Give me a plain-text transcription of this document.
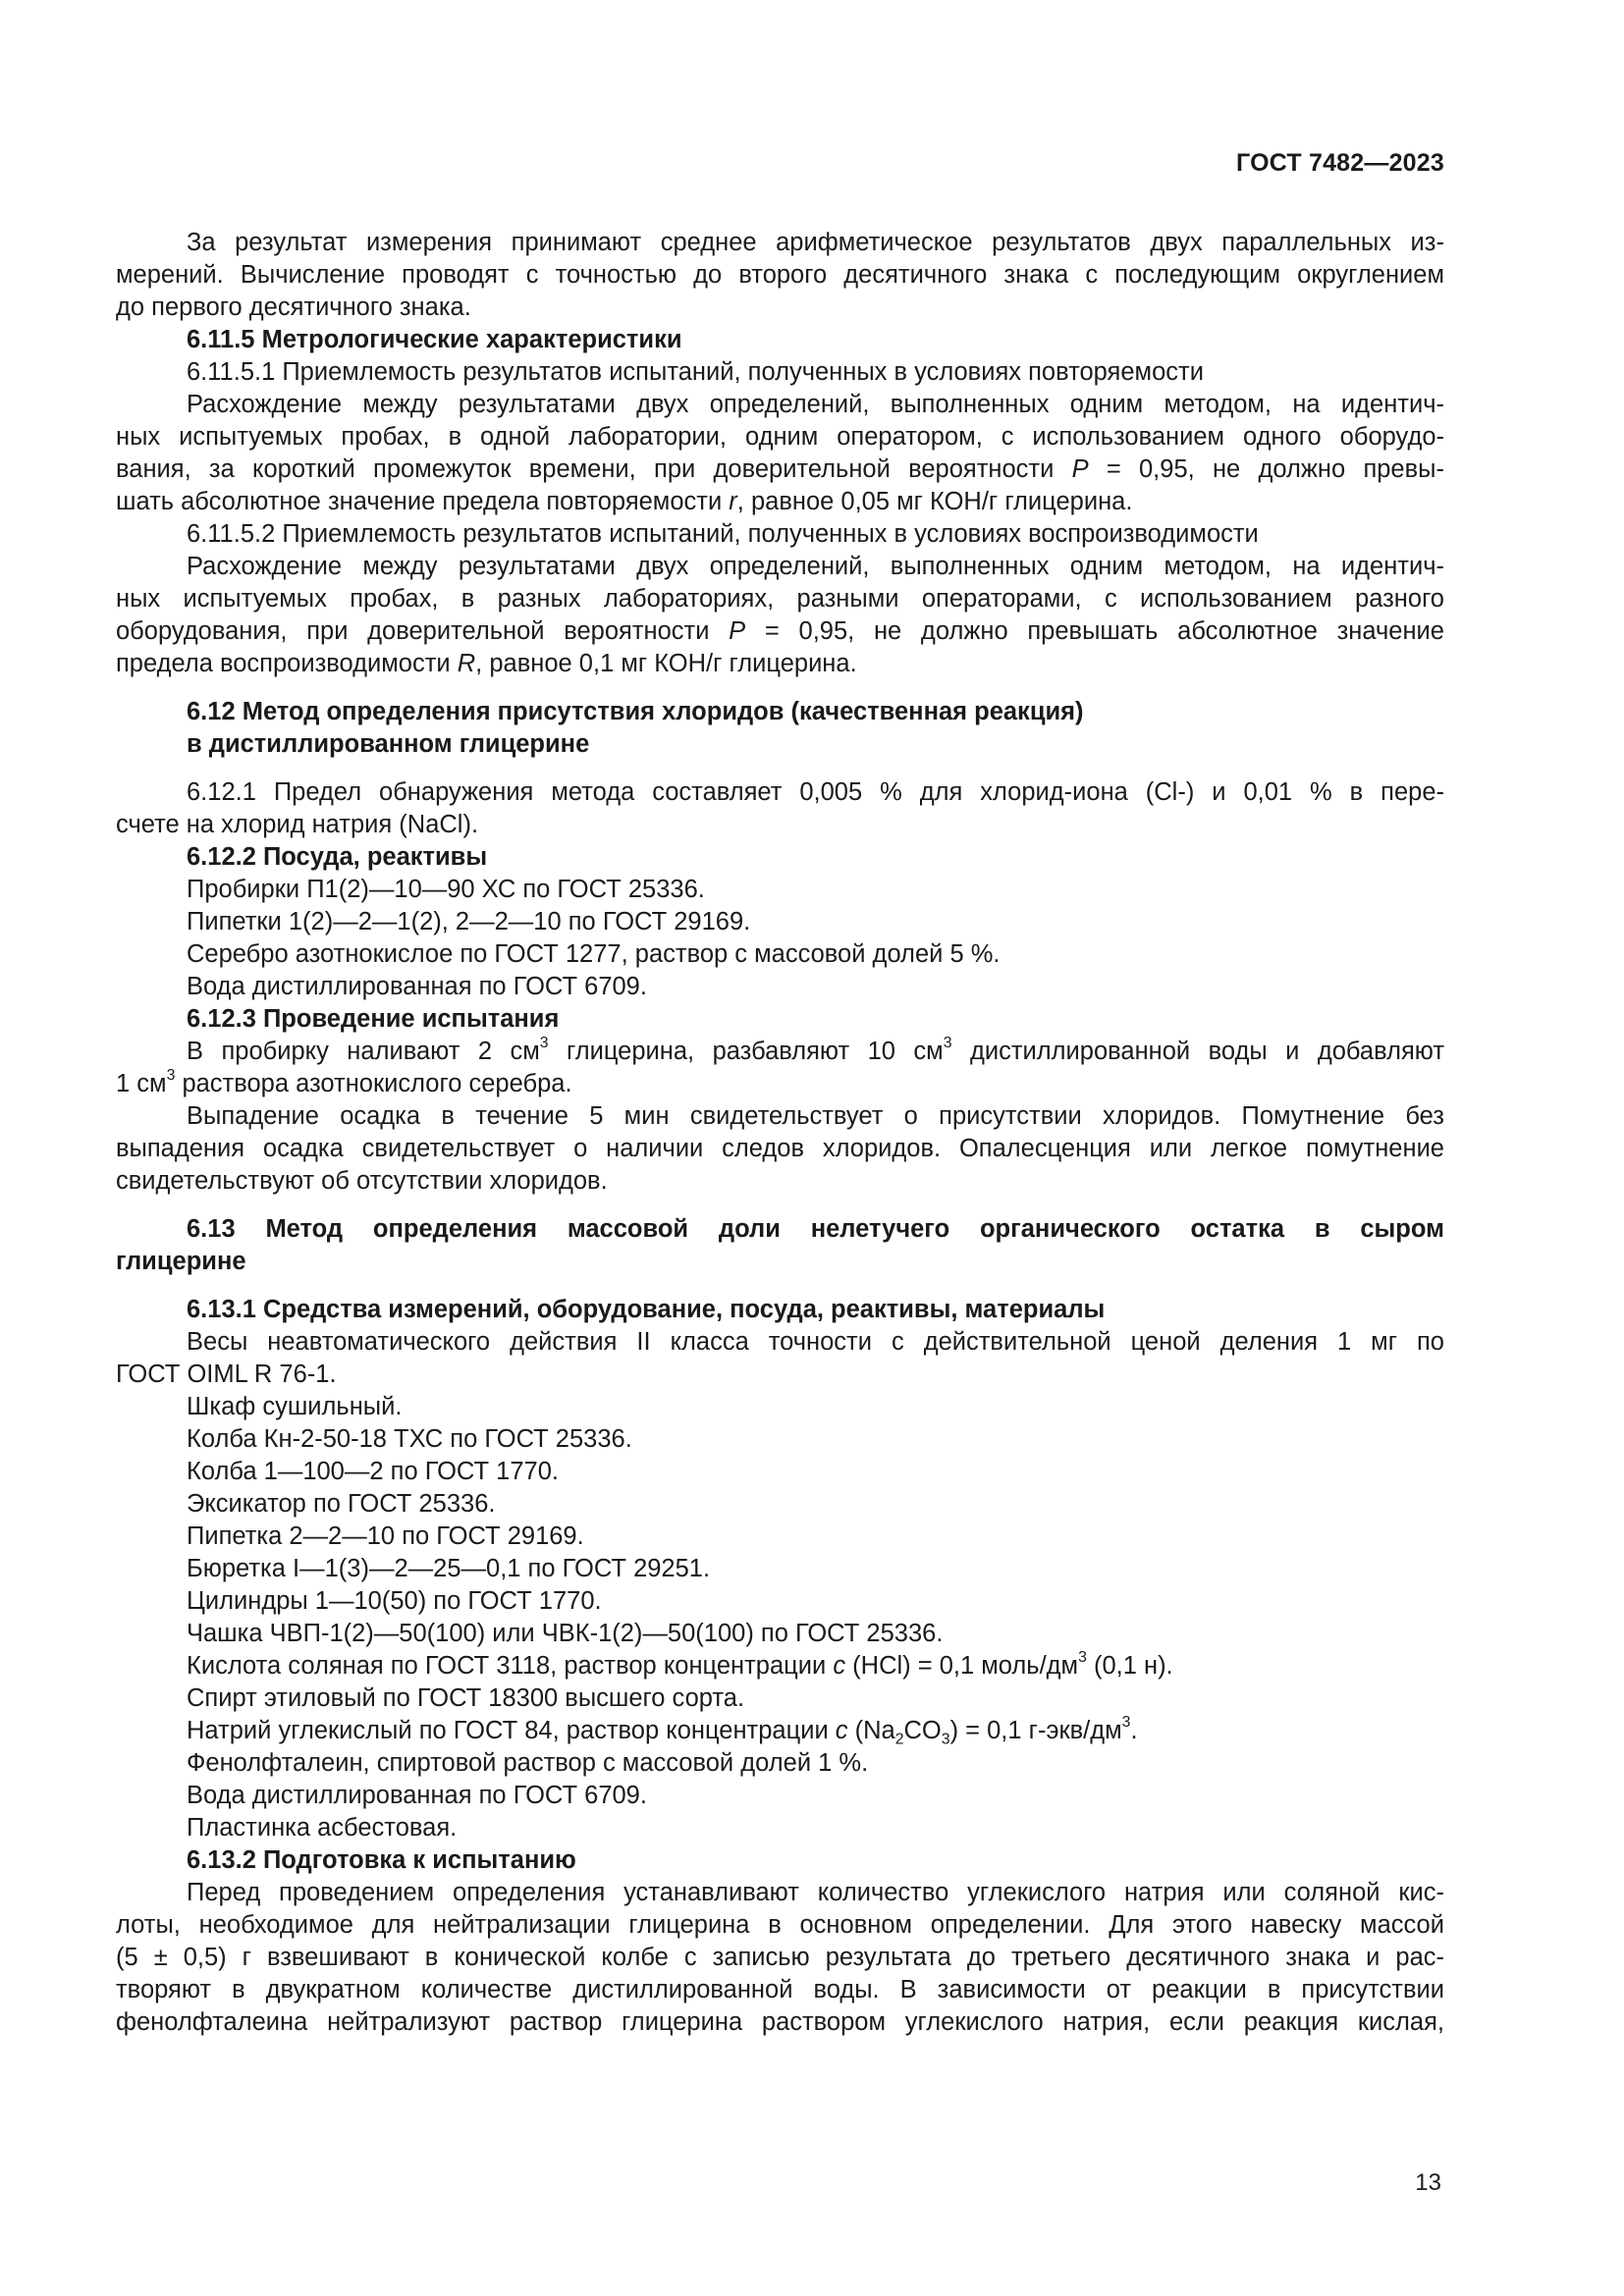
ГОСТ 7482—2023
За результат измерения принимают среднее арифметическое результатов двух параллельных из-
мерений. Вычисление проводят с точностью до второго десятичного знака с последующим округлением
до первого десятичного знака.
6.11.5 Метрологические характеристики
6.11.5.1 Приемлемость результатов испытаний, полученных в условиях повторяемости
Расхождение между результатами двух определений, выполненных одним методом, на идентич-
ных испытуемых пробах, в одной лаборатории, одним оператором, с использованием одного оборудо-
вания, за короткий промежуток времени, при доверительной вероятности P = 0,95, не должно превы-
шать абсолютное значение предела повторяемости r, равное 0,05 мг КОН/г глицерина.
6.11.5.2 Приемлемость результатов испытаний, полученных в условиях воспроизводимости
Расхождение между результатами двух определений, выполненных одним методом, на идентич-
ных испытуемых пробах, в разных лабораториях, разными операторами, с использованием разного
оборудования, при доверительной вероятности P = 0,95, не должно превышать абсолютное значение
предела воспроизводимости R, равное 0,1 мг КОН/г глицерина.
6.12 Метод определения присутствия хлоридов (качественная реакция)
в дистиллированном глицерине
6.12.1 Предел обнаружения метода составляет 0,005 % для хлорид-иона (Cl-) и 0,01 % в пере-
счете на хлорид натрия (NaCl).
6.12.2 Посуда, реактивы
Пробирки П1(2)—10—90 ХС по ГОСТ 25336.
Пипетки 1(2)—2—1(2), 2—2—10 по ГОСТ 29169.
Серебро азотнокислое по ГОСТ 1277, раствор с массовой долей 5 %.
Вода дистиллированная по ГОСТ 6709.
6.12.3 Проведение испытания
В пробирку наливают 2 $см^3$ глицерина, разбавляют 10 $см^3$ дистиллированной воды и добавляют
1 $см^3$ раствора азотнокислого серебра.
Выпадение осадка в течение 5 мин свидетельствует о присутствии хлоридов. Помутнение без
выпадения осадка свидетельствует о наличии следов хлоридов. Опалесценция или легкое помутнение
свидетельствуют об отсутствии хлоридов.
6.13 Метод определения массовой доли нелетучего органического остатка в сыром
глицерине
6.13.1 Средства измерений, оборудование, посуда, реактивы, материалы
Весы неавтоматического действия II класса точности с действительной ценой деления 1 мг по
ГОСТ OIML R 76-1.
Шкаф сушильный.
Колба Кн-2-50-18 ТХС по ГОСТ 25336.
Колба 1—100—2 по ГОСТ 1770.
Эксикатор по ГОСТ 25336.
Пипетка 2—2—10 по ГОСТ 29169.
Бюретка I—1(3)—2—25—0,1 по ГОСТ 29251.
Цилиндры 1—10(50) по ГОСТ 1770.
Чашка ЧВП-1(2)—50(100) или ЧВК-1(2)—50(100) по ГОСТ 25336.
Кислота соляная по ГОСТ 3118, раствор концентрации с (HCl) = 0,1 моль/$дм^3$ (0,1 н).
Спирт этиловый по ГОСТ 18300 высшего сорта.
Натрий углекислый по ГОСТ 84, раствор концентрации с $(Na_2CO_3) = 0,1$ $г-экв/дм^3$.
Фенолфталеин, спиртовой раствор с массовой долей 1 %.
Вода дистиллированная по ГОСТ 6709.
Пластинка асбестовая.
6.13.2 Подготовка к испытанию
Перед проведением определения устанавливают количество углекислого натрия или соляной кис-
лоты, необходимое для нейтрализации глицерина в основном определении. Для этого навеску массой
(5 ± 0,5) г взвешивают в конической колбе с записью результата до третьего десятичного знака и рас-
творяют в двукратном количестве дистиллированной воды. В зависимости от реакции в присутствии
фенолфталеина нейтрализуют раствор глицерина раствором углекислого натрия, если реакция кислая,
13
